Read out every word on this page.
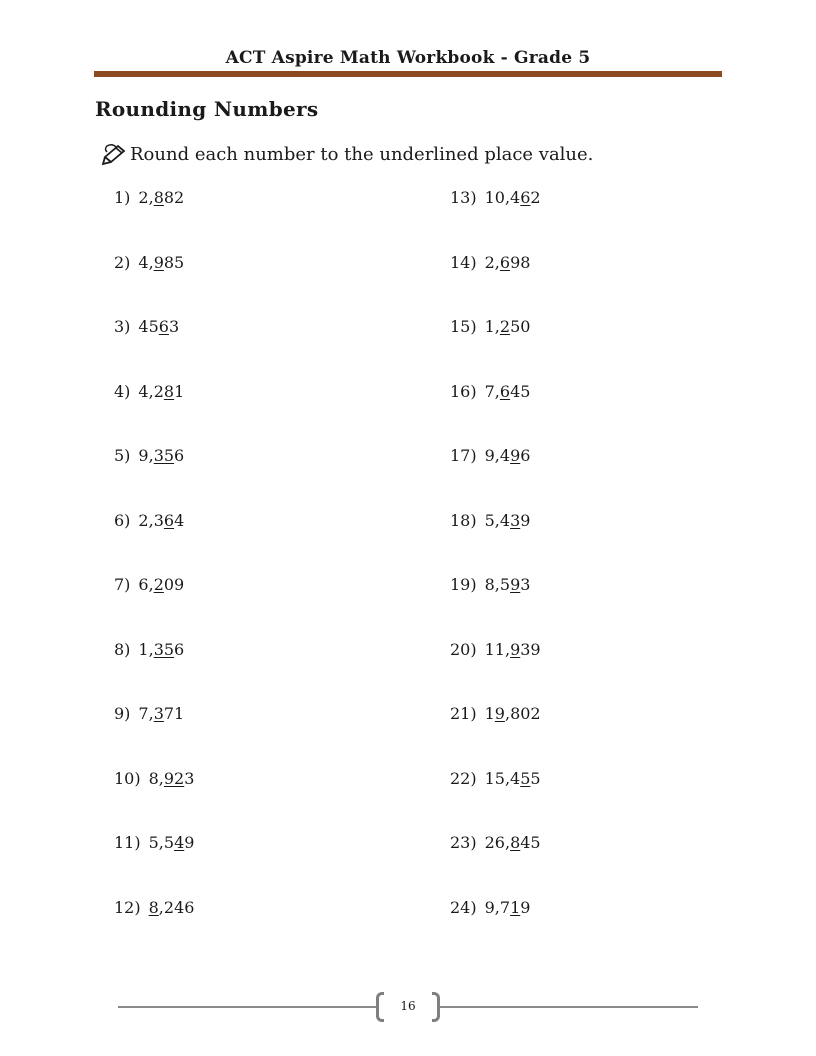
ACT Aspire Math Workbook - Grade 5
Rounding Numbers
Round each number to the underlined place value.
1) 2,882
2) 4,985
3) 4563
4) 4,281
5) 9,356
6) 2,364
7) 6,209
8) 1,356
9) 7,371
10) 8,923
11) 5,549
12) 8,246
13) 10,462
14) 2,698
15) 1,250
16) 7,645
17) 9,496
18) 5,439
19) 8,593
20) 11,939
21) 19,802
22) 15,455
23) 26,845
24) 9,719
16
